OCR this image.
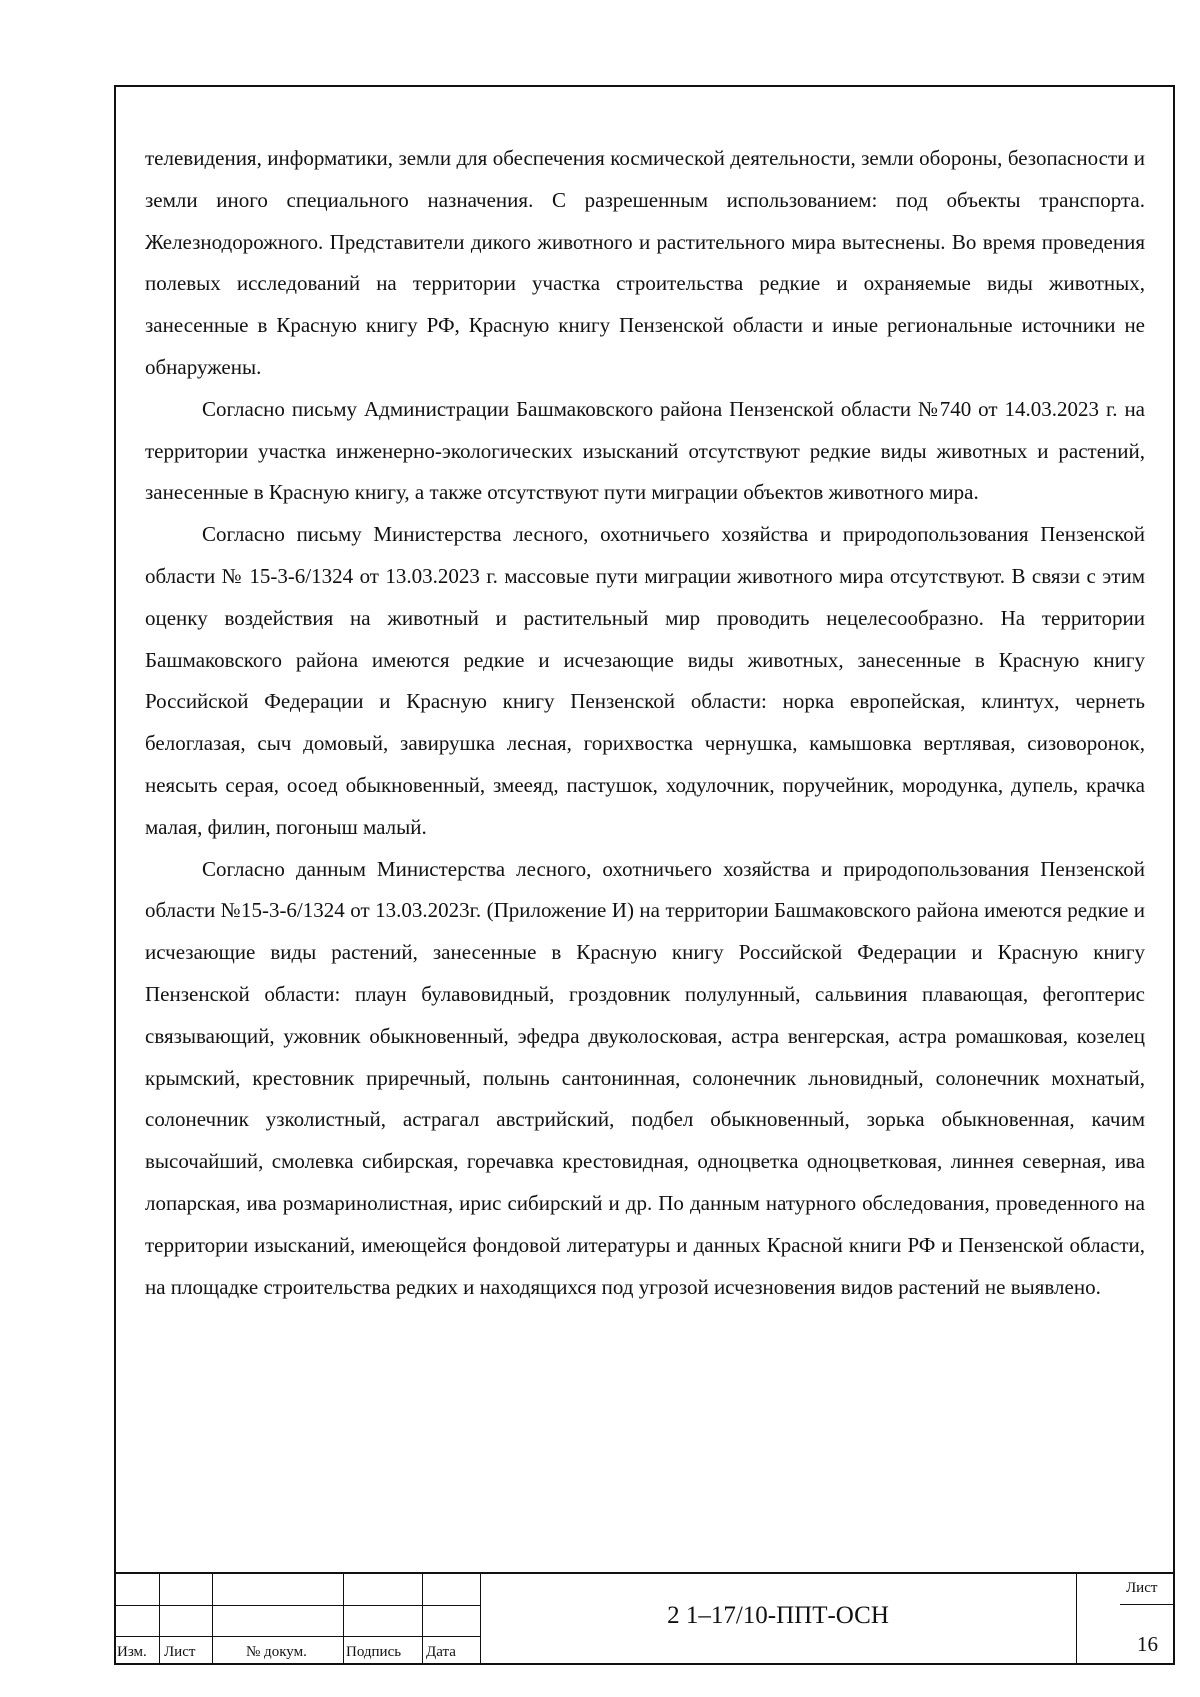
телевидения, информатики, земли для обеспечения космической деятельности, земли обороны, безопасности и земли иного специального назначения. С разрешенным использованием: под объекты транспорта. Железнодорожного. Представители дикого животного и растительного мира вытеснены. Во время проведения полевых исследований на территории участка строительства редкие и охраняемые виды животных, занесенные в Красную книгу РФ, Красную книгу Пензенской области и иные региональные источники не обнаружены.

Согласно письму Администрации Башмаковского района Пензенской области №740 от 14.03.2023 г. на территории участка инженерно-экологических изысканий отсутствуют редкие виды животных и растений, занесенные в Красную книгу, а также отсутствуют пути миграции объектов животного мира.

Согласно письму Министерства лесного, охотничьего хозяйства и природопользования Пензенской области № 15-3-6/1324 от 13.03.2023 г. массовые пути миграции животного мира отсутствуют. В связи с этим оценку воздействия на животный и растительный мир проводить нецелесообразно. На территории Башмаковского района имеются редкие и исчезающие виды животных, занесенные в Красную книгу Российской Федерации и Красную книгу Пензенской области: норка европейская, клинтух, чернеть белоглазая, сыч домовый, завирушка лесная, горихвостка чернушка, камышовка вертлявая, сизоворонок, неясыть серая, осоед обыкновенный, змееяд, пастушок, ходулочник, поручейник, мородунка, дупель, крачка малая, филин, погоныш малый.

Согласно данным Министерства лесного, охотничьего хозяйства и природопользования Пензенской области №15-3-6/1324 от 13.03.2023г. (Приложение И) на территории Башмаковского района имеются редкие и исчезающие виды растений, занесенные в Красную книгу Российской Федерации и Красную книгу Пензенской области: плаун булавовидный, гроздовник полулунный, сальвиния плавающая, фегоптерис связывающий, ужовник обыкновенный, эфедра двуколосковая, астра венгерская, астра ромашковая, козелец крымский, крестовник приречный, полынь сантонинная, солонечник льновидный, солонечник мохнатый, солонечник узколистный, астрагал австрийский, подбел обыкновенный, зорька обыкновенная, качим высочайший, смолевка сибирская, горечавка крестовидная, одноцветка одноцветковая, линнея северная, ива лопарская, ива розмаринолистная, ирис сибирский и др. По данным натурного обследования, проведенного на территории изысканий, имеющейся фондовой литературы и данных Красной книги РФ и Пензенской области, на площадке строительства редких и находящихся под угрозой исчезновения видов растений не выявлено.

Изм. Лист	№ докум.	Подпись Дата
2 1–17/10-ППТ-ОСН
Лист
16
